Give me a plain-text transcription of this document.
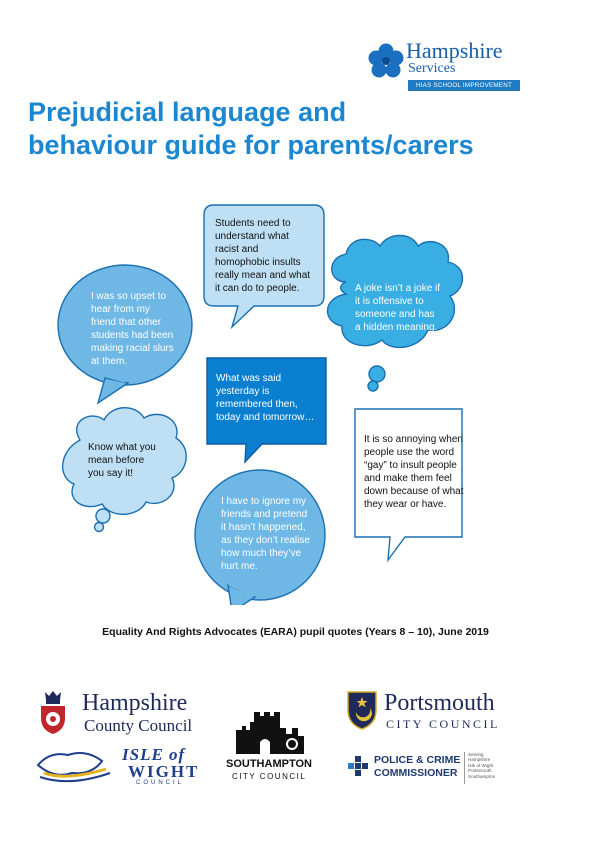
Hampshire
Services
HIAS SCHOOL IMPROVEMENT
Prejudicial language and
behaviour guide for parents/carers
Students need to
understand what
racist and
homophobic insults
really mean and what
it can do to people.
I was so upset to
hear from my
friend that other
students had been
making racial slurs
at them.
A joke isn’t a joke if
it is offensive to
someone and has
a hidden meaning.
What was said
yesterday is
remembered then,
today and tomorrow…
Know what you
mean before
you say it!
It is so annoying when
people use the word
“gay” to insult people
and make them feel
down because of what
they wear or have.
I have to ignore my
friends and pretend
it hasn’t happened,
as they don’t realise
how much they’ve
hurt me.
Equality And Rights Advocates (EARA) pupil quotes (Years 8 – 10), June 2019
Hampshire
County Council
ISLE of
WIGHT
COUNCIL
SOUTHAMPTON
CITY COUNCIL
Portsmouth
CITY COUNCIL
POLICE & CRIME
COMMISSIONER
Serving
Hampshire
Isle of Wight
Portsmouth
Southampton
